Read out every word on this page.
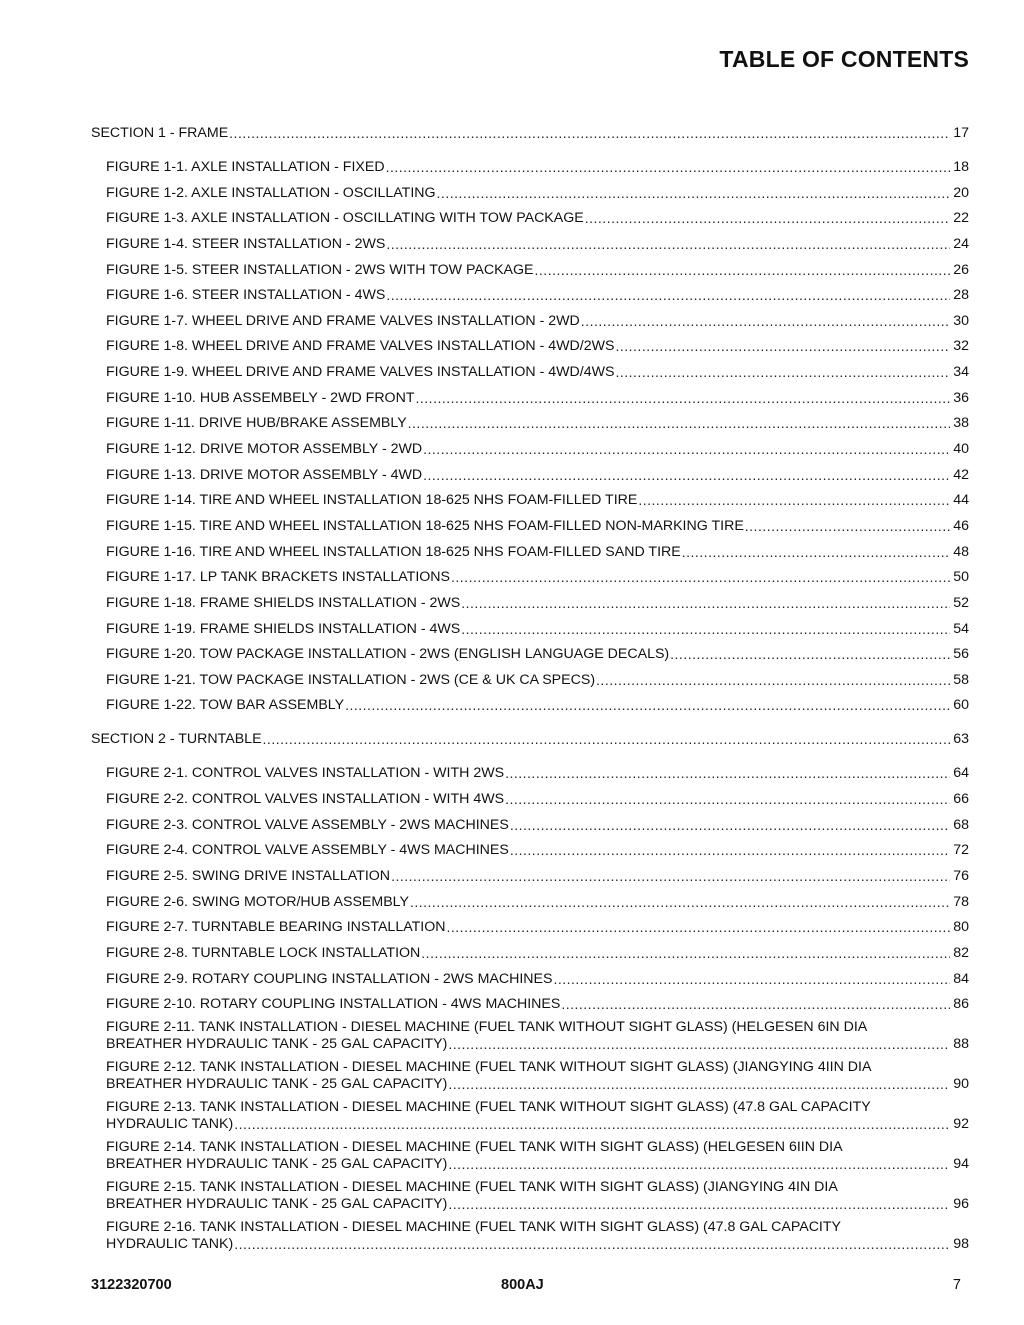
TABLE OF CONTENTS
SECTION 1 - FRAME .....	17
FIGURE 1-1. AXLE INSTALLATION - FIXED .....	18
FIGURE 1-2. AXLE INSTALLATION - OSCILLATING .....	20
FIGURE 1-3. AXLE INSTALLATION - OSCILLATING WITH TOW PACKAGE .....	22
FIGURE 1-4. STEER INSTALLATION - 2WS .....	24
FIGURE 1-5. STEER INSTALLATION - 2WS WITH TOW PACKAGE .....	26
FIGURE 1-6. STEER INSTALLATION - 4WS .....	28
FIGURE 1-7. WHEEL DRIVE AND FRAME VALVES INSTALLATION - 2WD .....	30
FIGURE 1-8. WHEEL DRIVE AND FRAME VALVES INSTALLATION - 4WD/2WS .....	32
FIGURE 1-9. WHEEL DRIVE AND FRAME VALVES INSTALLATION - 4WD/4WS .....	34
FIGURE 1-10. HUB ASSEMBELY - 2WD FRONT .....	36
FIGURE 1-11. DRIVE HUB/BRAKE ASSEMBLY .....	38
FIGURE 1-12. DRIVE MOTOR ASSEMBLY - 2WD .....	40
FIGURE 1-13. DRIVE MOTOR ASSEMBLY - 4WD .....	42
FIGURE 1-14. TIRE AND WHEEL INSTALLATION 18-625 NHS FOAM-FILLED TIRE .....	44
FIGURE 1-15. TIRE AND WHEEL INSTALLATION 18-625 NHS FOAM-FILLED NON-MARKING TIRE .....	46
FIGURE 1-16. TIRE AND WHEEL INSTALLATION 18-625 NHS FOAM-FILLED SAND TIRE .....	48
FIGURE 1-17. LP TANK BRACKETS INSTALLATIONS .....	50
FIGURE 1-18. FRAME SHIELDS INSTALLATION - 2WS .....	52
FIGURE 1-19. FRAME SHIELDS INSTALLATION - 4WS .....	54
FIGURE 1-20. TOW PACKAGE INSTALLATION - 2WS (ENGLISH LANGUAGE DECALS) .....	56
FIGURE 1-21. TOW PACKAGE INSTALLATION - 2WS (CE & UK CA SPECS) .....	58
FIGURE 1-22. TOW BAR ASSEMBLY .....	60
SECTION 2 - TURNTABLE .....	63
FIGURE 2-1. CONTROL VALVES INSTALLATION - WITH 2WS .....	64
FIGURE 2-2. CONTROL VALVES INSTALLATION - WITH 4WS .....	66
FIGURE 2-3. CONTROL VALVE ASSEMBLY - 2WS MACHINES .....	68
FIGURE 2-4. CONTROL VALVE ASSEMBLY - 4WS MACHINES .....	72
FIGURE 2-5. SWING DRIVE INSTALLATION .....	76
FIGURE 2-6. SWING MOTOR/HUB ASSEMBLY .....	78
FIGURE 2-7. TURNTABLE BEARING INSTALLATION .....	80
FIGURE 2-8. TURNTABLE LOCK INSTALLATION .....	82
FIGURE 2-9. ROTARY COUPLING INSTALLATION - 2WS MACHINES .....	84
FIGURE 2-10. ROTARY COUPLING INSTALLATION - 4WS MACHINES .....	86
FIGURE 2-11. TANK INSTALLATION - DIESEL MACHINE (FUEL TANK WITHOUT SIGHT GLASS) (HELGESEN 6IN DIA
BREATHER HYDRAULIC TANK - 25 GAL CAPACITY) .....	88
FIGURE 2-12. TANK INSTALLATION - DIESEL MACHINE (FUEL TANK WITHOUT SIGHT GLASS) (JIANGYING 4IIN DIA
BREATHER HYDRAULIC TANK - 25 GAL CAPACITY) .....	90
FIGURE 2-13. TANK INSTALLATION - DIESEL MACHINE (FUEL TANK WITHOUT SIGHT GLASS) (47.8 GAL CAPACITY
HYDRAULIC TANK) .....	92
FIGURE 2-14. TANK INSTALLATION - DIESEL MACHINE (FUEL TANK WITH SIGHT GLASS) (HELGESEN 6IIN DIA
BREATHER HYDRAULIC TANK - 25 GAL CAPACITY) .....	94
FIGURE 2-15. TANK INSTALLATION - DIESEL MACHINE (FUEL TANK WITH SIGHT GLASS) (JIANGYING 4IN DIA
BREATHER HYDRAULIC TANK - 25 GAL CAPACITY) .....	96
FIGURE 2-16. TANK INSTALLATION - DIESEL MACHINE (FUEL TANK WITH SIGHT GLASS) (47.8 GAL CAPACITY
HYDRAULIC TANK) .....	98
3122320700	800AJ	7
